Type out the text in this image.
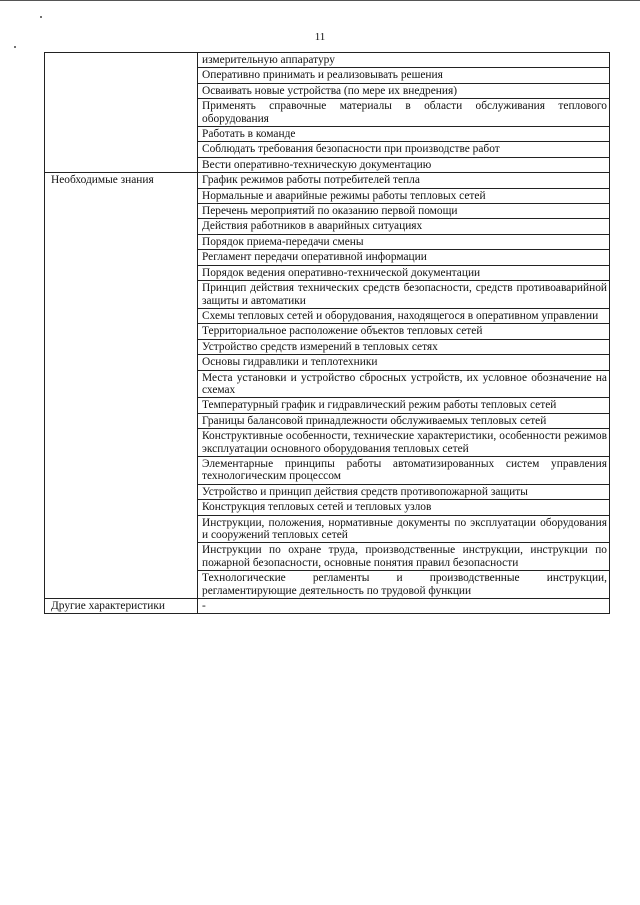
11
	измерительную аппаратуру
	Оперативно принимать и реализовывать решения
	Осваивать новые устройства (по мере их внедрения)
	Применять справочные материалы в области обслуживания теплового оборудования
	Работать в команде
	Соблюдать требования безопасности при производстве работ
	Вести оперативно-техническую документацию
Необходимые знания	График режимов работы потребителей тепла
	Нормальные и аварийные режимы работы тепловых сетей
	Перечень мероприятий по оказанию первой помощи
	Действия работников в аварийных ситуациях
	Порядок приема-передачи смены
	Регламент передачи оперативной информации
	Порядок ведения оперативно-технической документации
	Принцип действия технических средств безопасности, средств противоаварийной защиты и автоматики
	Схемы тепловых сетей и оборудования, находящегося в оперативном управлении
	Территориальное расположение объектов тепловых сетей
	Устройство средств измерений в тепловых сетях
	Основы гидравлики и теплотехники
	Места установки и устройство сбросных устройств, их условное обозначение на схемах
	Температурный график и гидравлический режим работы тепловых сетей
	Границы балансовой принадлежности обслуживаемых тепловых сетей
	Конструктивные особенности, технические характеристики, особенности режимов эксплуатации основного оборудования тепловых сетей
	Элементарные принципы работы автоматизированных систем управления технологическим процессом
	Устройство и принцип действия средств противопожарной защиты
	Конструкция тепловых сетей и тепловых узлов
	Инструкции, положения, нормативные документы по эксплуатации оборудования и сооружений тепловых сетей
	Инструкции по охране труда, производственные инструкции, инструкции по пожарной безопасности, основные понятия правил безопасности
	Технологические регламенты и производственные инструкции, регламентирующие деятельность по трудовой функции
Другие характеристики	-
